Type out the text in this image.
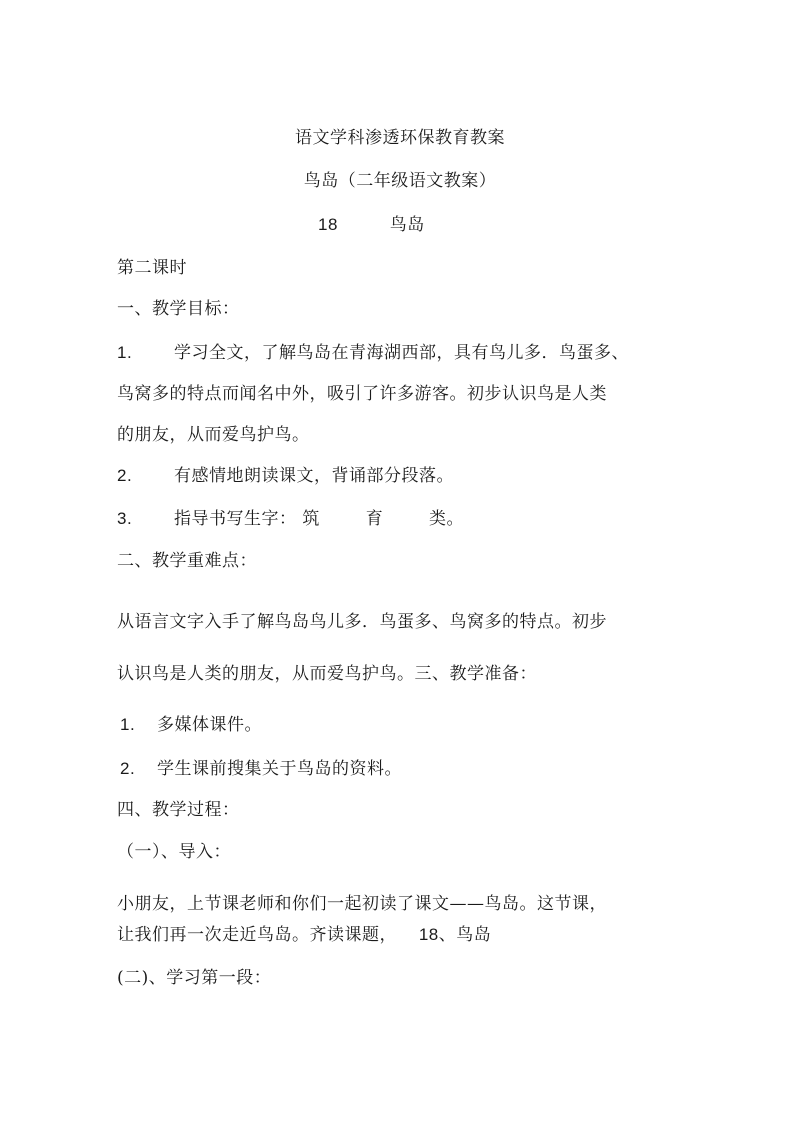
语文学科渗透环保教育教案
鸟岛（二年级语文教案）
18	鸟岛
第二课时
一、教学目标：
1. 学习全文，了解鸟岛在青海湖西部，具有鸟儿多．鸟蛋多、
鸟窝多的特点而闻名中外，吸引了许多游客。初步认识鸟是人类
的朋友，从而爱鸟护鸟。
2. 有感情地朗读课文，背诵部分段落。
3. 指导书写生字： 筑	育	类。
二、教学重难点：
从语言文字入手了解鸟岛鸟儿多．鸟蛋多、鸟窝多的特点。初步
认识鸟是人类的朋友，从而爱鸟护鸟。三、教学准备：
1. 多媒体课件。
2. 学生课前搜集关于鸟岛的资料。
四、教学过程：
（一）、导入：
小朋友，上节课老师和你们一起初读了课文——鸟岛。这节课，
让我们再一次走近鸟岛。齐读课题， 18、鸟岛
(二)、学习第一段：
